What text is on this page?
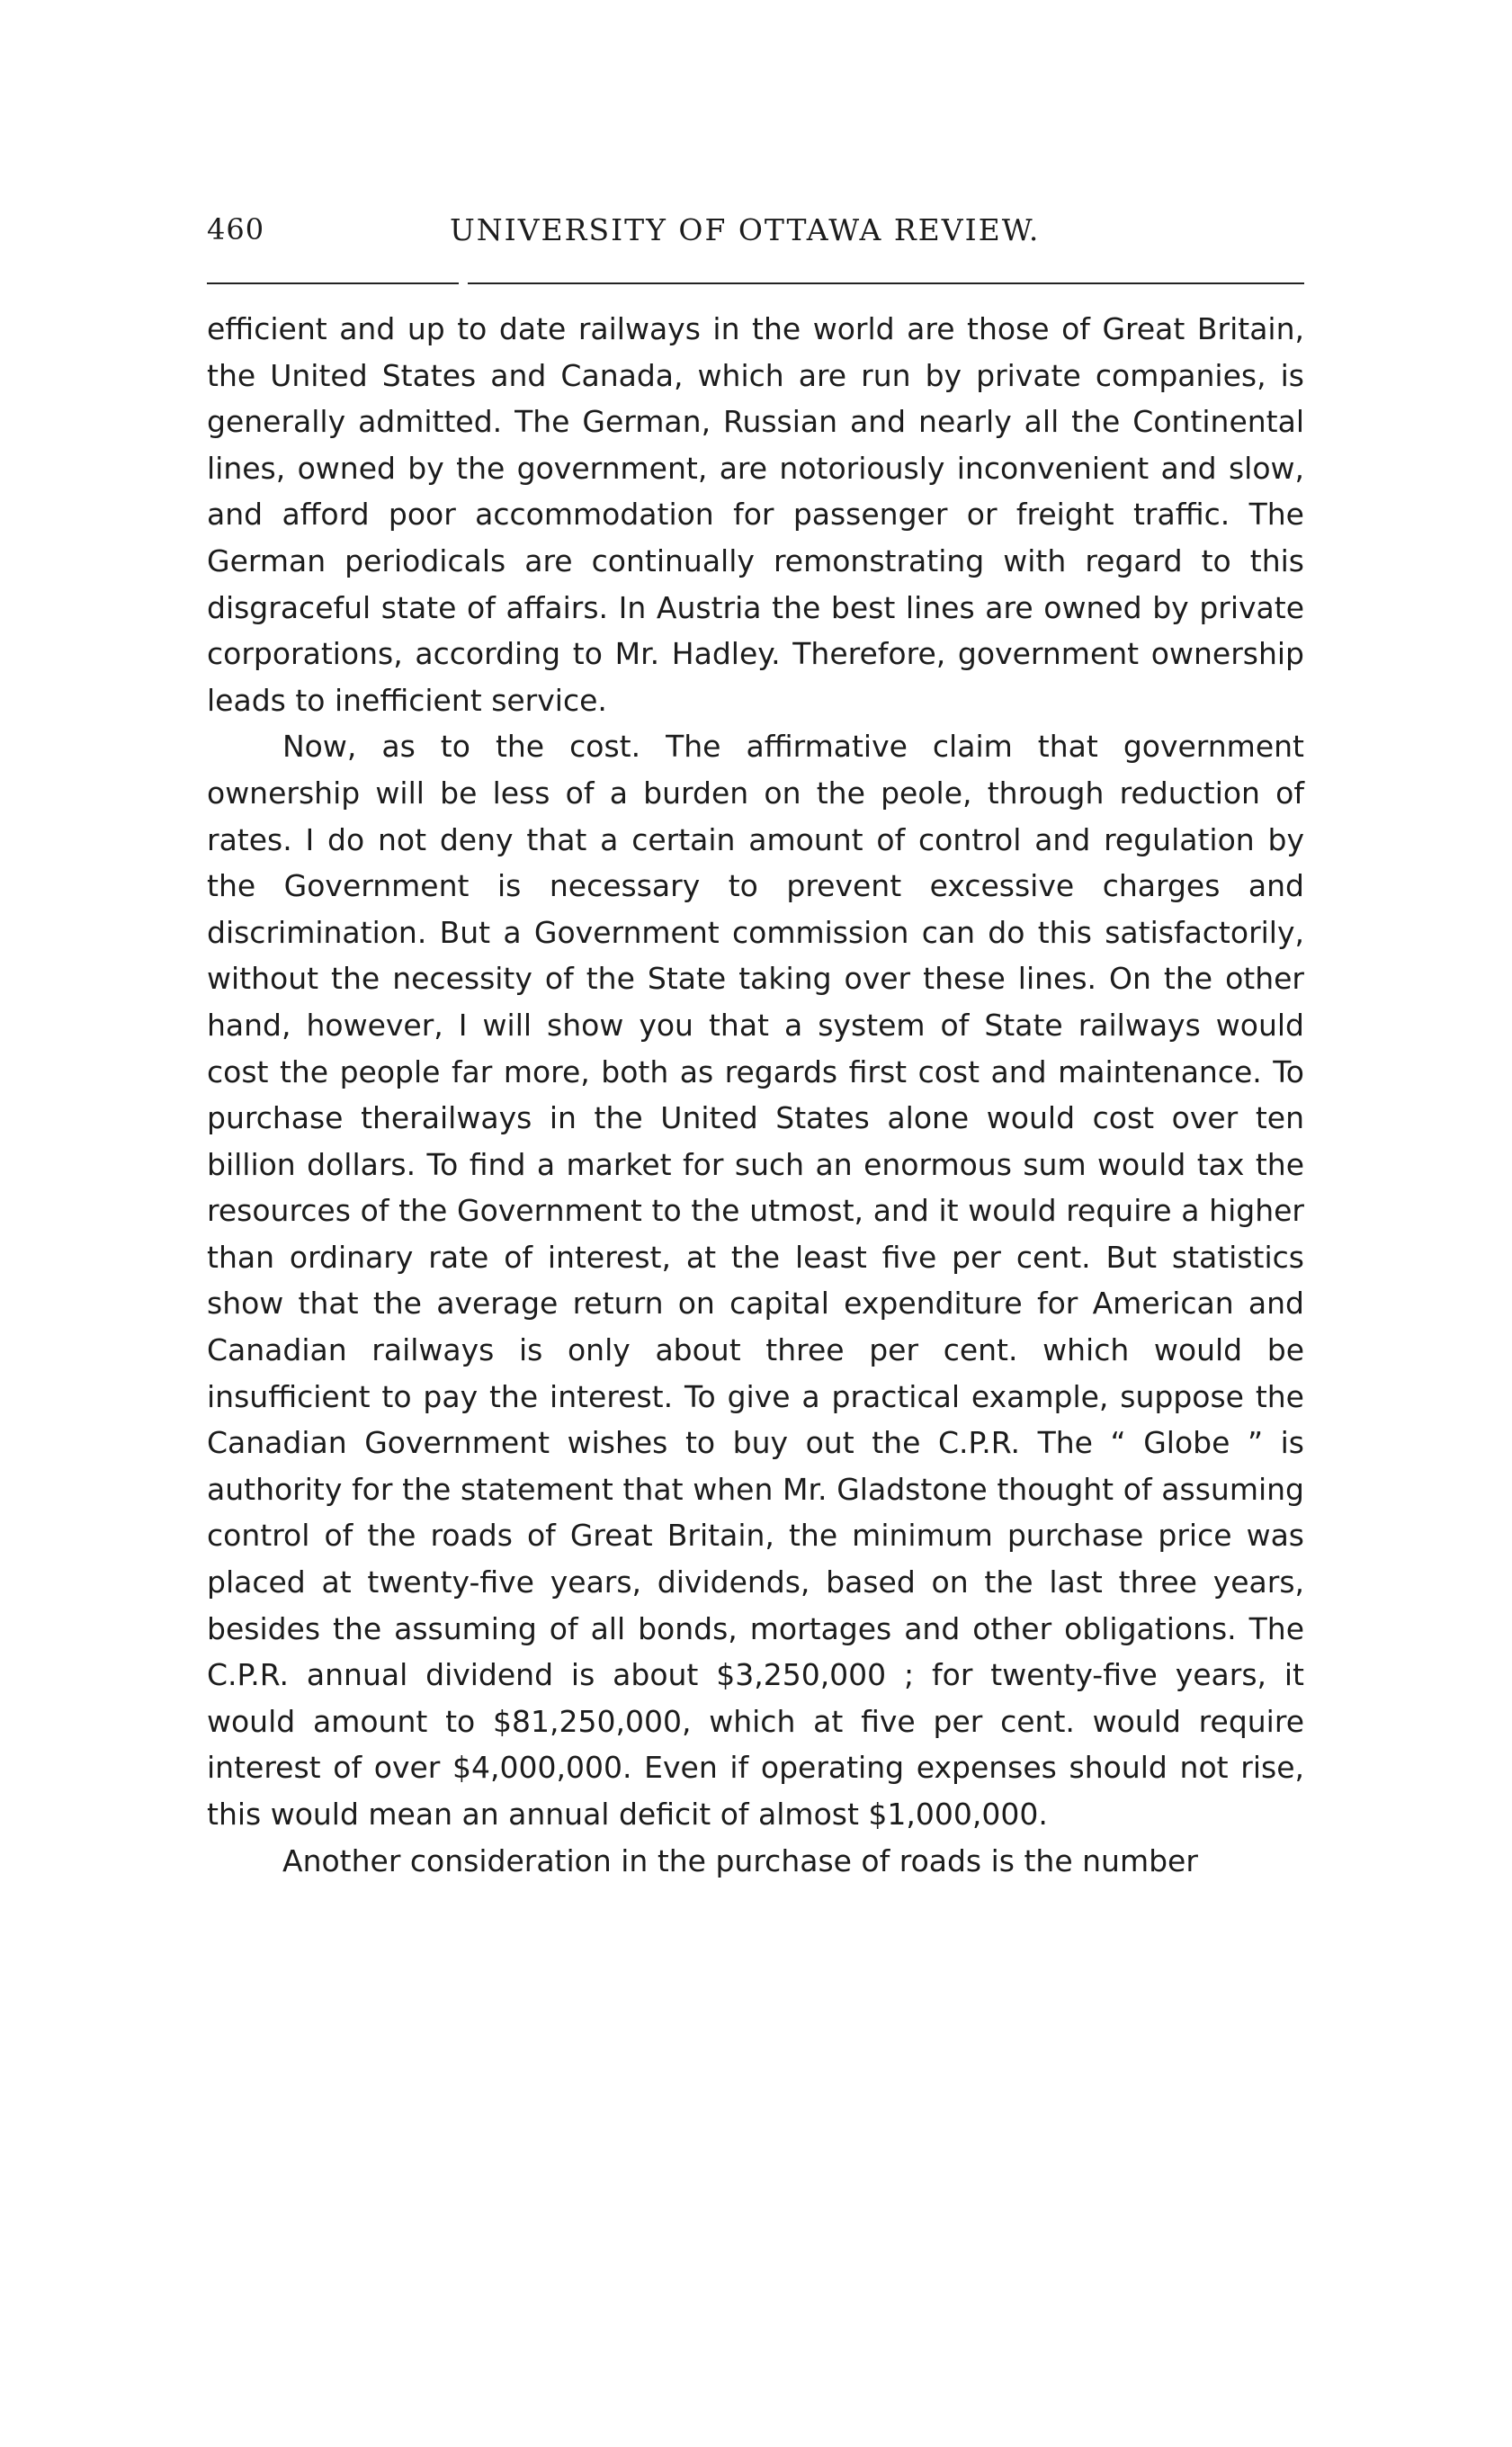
460	UNIVERSITY OF OTTAWA REVIEW.

efficient and up to date railways in the world are those of Great Britain, the United States and Canada, which are run by private companies, is generally admitted. The German, Russian and nearly all the Continental lines, owned by the government, are notoriously inconvenient and slow, and afford poor accommodation for passenger or freight traffic. The German periodicals are continually remonstrating with regard to this disgraceful state of affairs. In Austria the best lines are owned by private corporations, according to Mr. Hadley. Therefore, government ownership leads to inefficient service.

Now, as to the cost. The affirmative claim that government ownership will be less of a burden on the peole, through reduction of rates. I do not deny that a certain amount of control and regulation by the Government is necessary to prevent excessive charges and discrimination. But a Government commission can do this satisfactorily, without the necessity of the State taking over these lines. On the other hand, however, I will show you that a system of State railways would cost the people far more, both as regards first cost and maintenance. To purchase therailways in the United States alone would cost over ten billion dollars. To find a market for such an enormous sum would tax the resources of the Government to the utmost, and it would require a higher than ordinary rate of interest, at the least five per cent. But statistics show that the average return on capital expenditure for American and Canadian railways is only about three per cent. which would be insufficient to pay the interest. To give a practical example, suppose the Canadian Government wishes to buy out the C.P.R. The “ Globe ” is authority for the statement that when Mr. Gladstone thought of assuming control of the roads of Great Britain, the minimum purchase price was placed at twenty-five years, dividends, based on the last three years, besides the assuming of all bonds, mortages and other obligations. The C.P.R. annual dividend is about $3,250,000 ; for twenty-five years, it would amount to $81,250,000, which at five per cent. would require interest of over $4,000,000. Even if operating expenses should not rise, this would mean an annual deficit of almost $1,000,000.

Another consideration in the purchase of roads is the number
